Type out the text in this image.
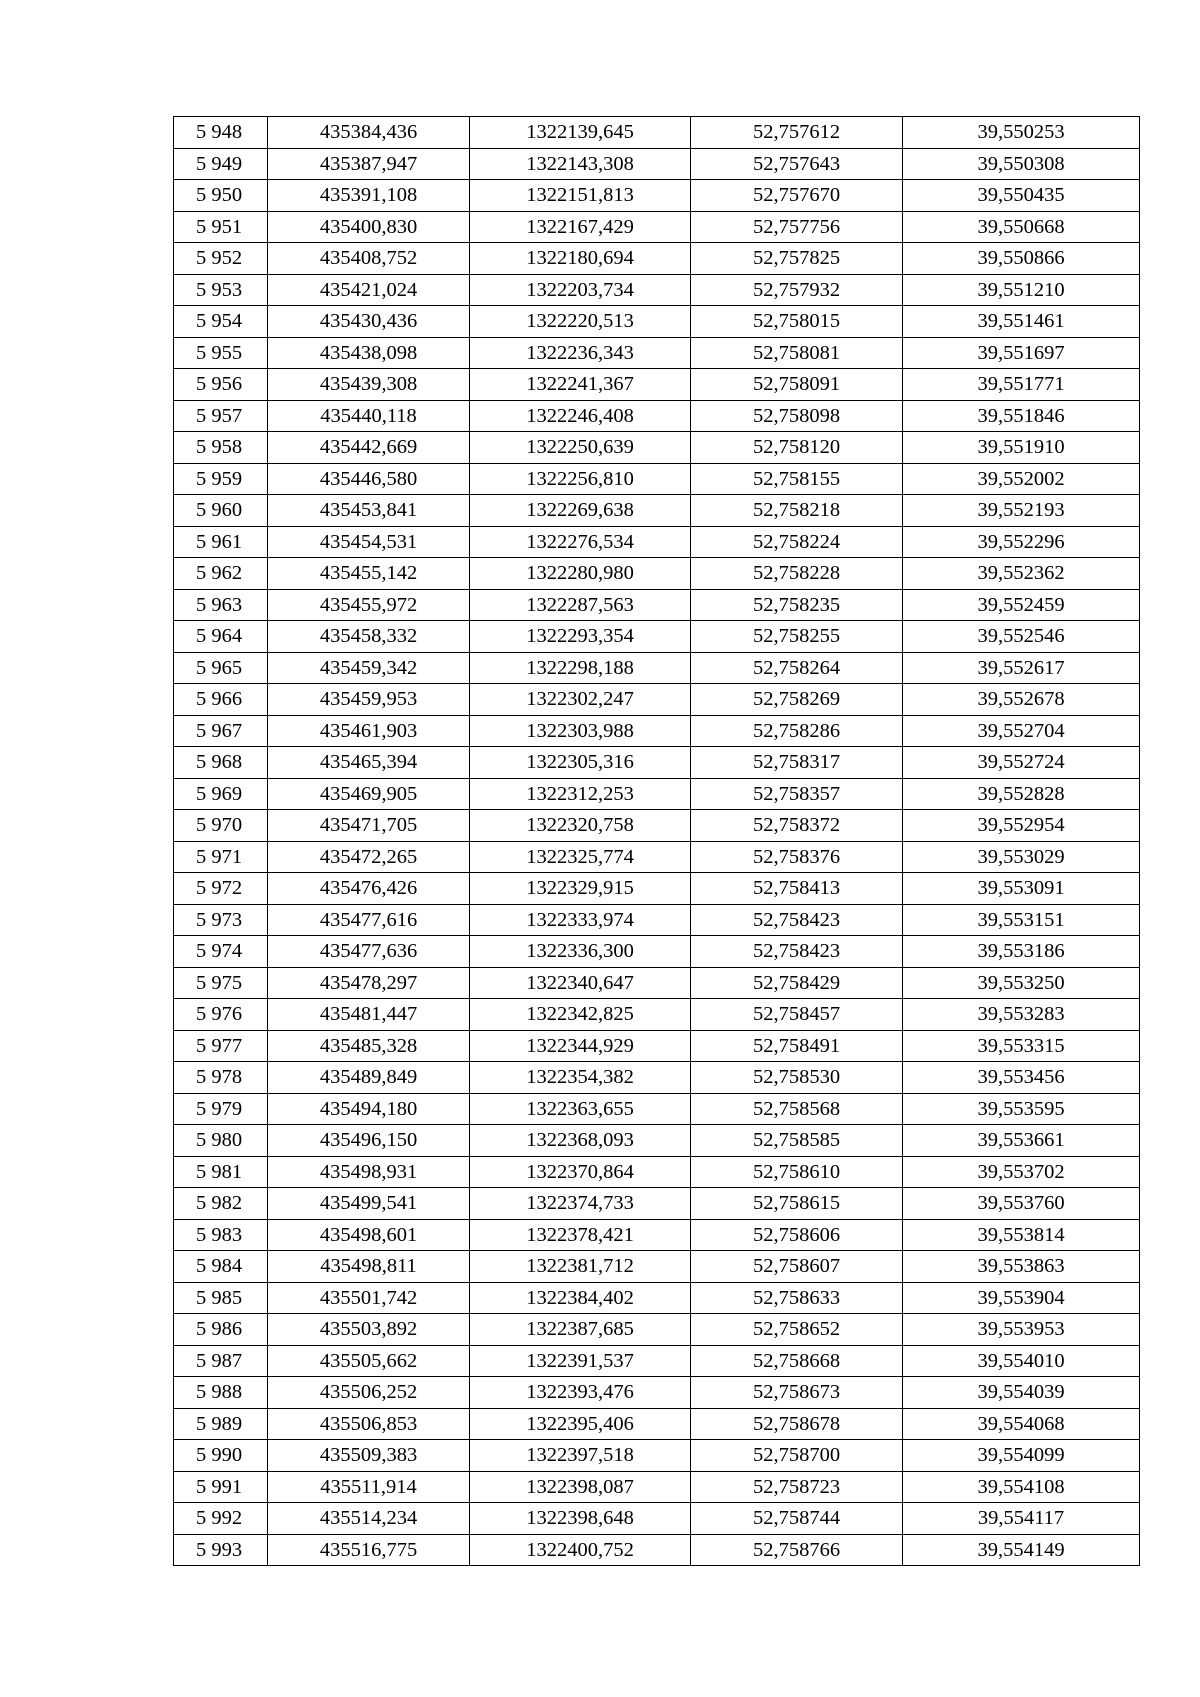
5 948	435384,436	1322139,645	52,757612	39,550253
5 949	435387,947	1322143,308	52,757643	39,550308
5 950	435391,108	1322151,813	52,757670	39,550435
5 951	435400,830	1322167,429	52,757756	39,550668
5 952	435408,752	1322180,694	52,757825	39,550866
5 953	435421,024	1322203,734	52,757932	39,551210
5 954	435430,436	1322220,513	52,758015	39,551461
5 955	435438,098	1322236,343	52,758081	39,551697
5 956	435439,308	1322241,367	52,758091	39,551771
5 957	435440,118	1322246,408	52,758098	39,551846
5 958	435442,669	1322250,639	52,758120	39,551910
5 959	435446,580	1322256,810	52,758155	39,552002
5 960	435453,841	1322269,638	52,758218	39,552193
5 961	435454,531	1322276,534	52,758224	39,552296
5 962	435455,142	1322280,980	52,758228	39,552362
5 963	435455,972	1322287,563	52,758235	39,552459
5 964	435458,332	1322293,354	52,758255	39,552546
5 965	435459,342	1322298,188	52,758264	39,552617
5 966	435459,953	1322302,247	52,758269	39,552678
5 967	435461,903	1322303,988	52,758286	39,552704
5 968	435465,394	1322305,316	52,758317	39,552724
5 969	435469,905	1322312,253	52,758357	39,552828
5 970	435471,705	1322320,758	52,758372	39,552954
5 971	435472,265	1322325,774	52,758376	39,553029
5 972	435476,426	1322329,915	52,758413	39,553091
5 973	435477,616	1322333,974	52,758423	39,553151
5 974	435477,636	1322336,300	52,758423	39,553186
5 975	435478,297	1322340,647	52,758429	39,553250
5 976	435481,447	1322342,825	52,758457	39,553283
5 977	435485,328	1322344,929	52,758491	39,553315
5 978	435489,849	1322354,382	52,758530	39,553456
5 979	435494,180	1322363,655	52,758568	39,553595
5 980	435496,150	1322368,093	52,758585	39,553661
5 981	435498,931	1322370,864	52,758610	39,553702
5 982	435499,541	1322374,733	52,758615	39,553760
5 983	435498,601	1322378,421	52,758606	39,553814
5 984	435498,811	1322381,712	52,758607	39,553863
5 985	435501,742	1322384,402	52,758633	39,553904
5 986	435503,892	1322387,685	52,758652	39,553953
5 987	435505,662	1322391,537	52,758668	39,554010
5 988	435506,252	1322393,476	52,758673	39,554039
5 989	435506,853	1322395,406	52,758678	39,554068
5 990	435509,383	1322397,518	52,758700	39,554099
5 991	435511,914	1322398,087	52,758723	39,554108
5 992	435514,234	1322398,648	52,758744	39,554117
5 993	435516,775	1322400,752	52,758766	39,554149
